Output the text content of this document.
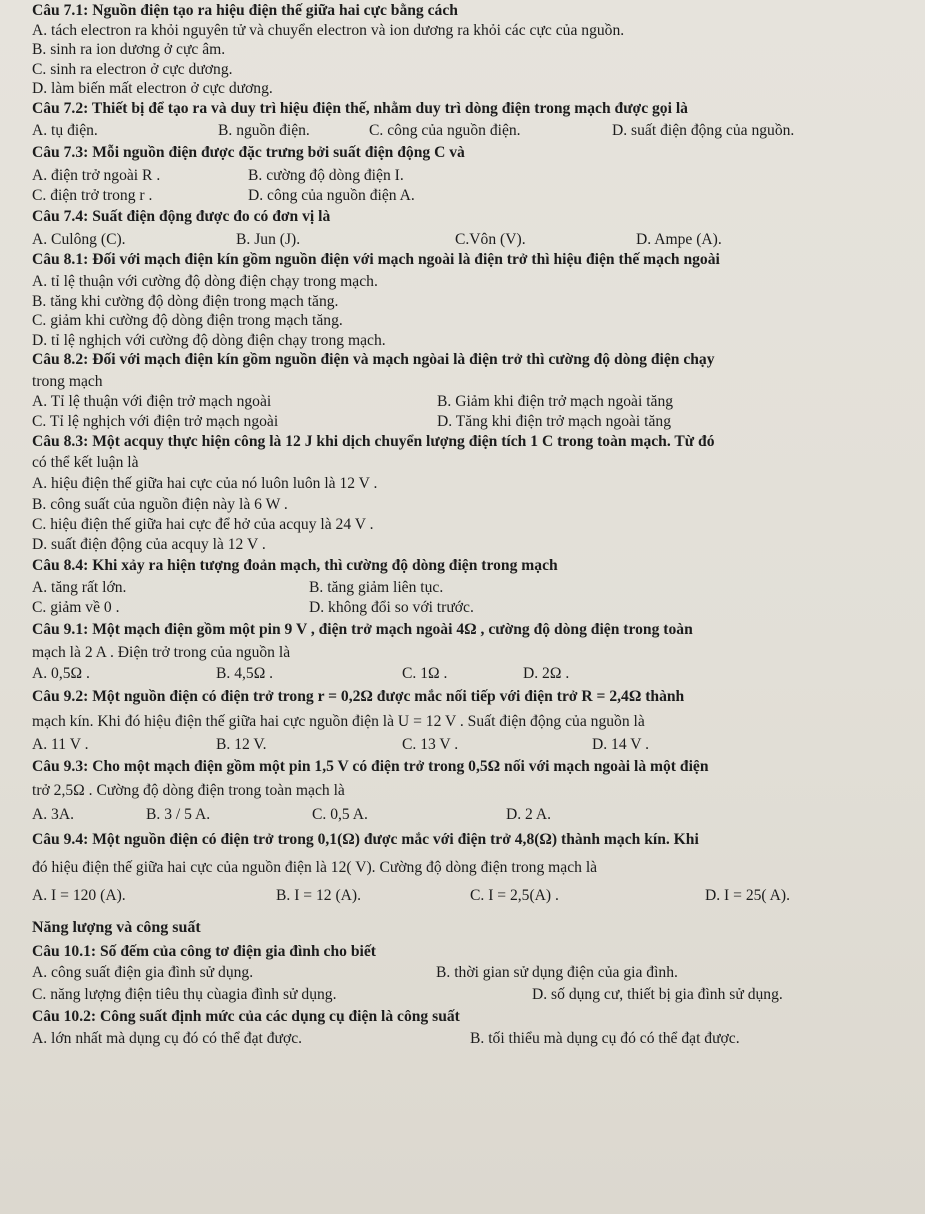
Câu 7.1: Nguồn điện tạo ra hiệu điện thế giữa hai cực bằng cách
A. tách electron ra khỏi nguyên tử và chuyển electron và ion dương ra khỏi các cực của nguồn.
B. sinh ra ion dương ở cực âm.
C. sinh ra electron ở cực dương.
D. làm biến mất electron ở cực dương.
Câu 7.2: Thiết bị để tạo ra và duy trì hiệu điện thế, nhằm duy trì dòng điện trong mạch được gọi là
A. tụ điện.	B. nguồn điện.	C. công của nguồn điện.	D. suất điện động của nguồn.
Câu 7.3: Mỗi nguồn điện được đặc trưng bởi suất điện động C và
A. điện trở ngoài R .	B. cường độ dòng điện I.
C. điện trở trong r .	D. công của nguồn điện A.
Câu 7.4: Suất điện động được đo có đơn vị là
A. Culông (C).	B. Jun (J).	C.Vôn (V).	D. Ampe (A).
Câu 8.1: Đối với mạch điện kín gồm nguồn điện với mạch ngoài là điện trở thì hiệu điện thế mạch ngoài
A. tỉ lệ thuận với cường độ dòng điện chạy trong mạch.
B. tăng khi cường độ dòng điện trong mạch tăng.
C. giảm khi cường độ dòng điện trong mạch tăng.
D. tỉ lệ nghịch với cường độ dòng điện chạy trong mạch.
Câu 8.2: Đối với mạch điện kín gồm nguồn điện và mạch ngòai là điện trở thì cường độ dòng điện chạy
trong mạch
A. Tỉ lệ thuận với điện trở mạch ngoài	B. Giảm khi điện trở mạch ngoài tăng
C. Tỉ lệ nghịch với điện trở mạch ngoài	D. Tăng khi điện trở mạch ngoài tăng
Câu 8.3: Một acquy thực hiện công là 12 J khi dịch chuyển lượng điện tích 1 C trong toàn mạch. Từ đó
có thể kết luận là
A. hiệu điện thế giữa hai cực của nó luôn luôn là 12 V .
B. công suất của nguồn điện này là 6 W .
C. hiệu điện thế giữa hai cực để hở của acquy là 24 V .
D. suất điện động của acquy là 12 V .
Câu 8.4: Khi xảy ra hiện tượng đoản mạch, thì cường độ dòng điện trong mạch
A. tăng rất lớn.	B. tăng giảm liên tục.
C. giảm về 0 .	D. không đổi so với trước.
Câu 9.1: Một mạch điện gồm một pin 9 V , điện trở mạch ngoài 4Ω , cường độ dòng điện trong toàn
mạch là 2 A . Điện trở trong của nguồn là
A. 0,5Ω .	B. 4,5Ω .	C. 1Ω .	D. 2Ω .
Câu 9.2: Một nguồn điện có điện trở trong r = 0,2Ω được mắc nối tiếp với điện trở R = 2,4Ω thành
mạch kín. Khi đó hiệu điện thế giữa hai cực nguồn điện là U = 12 V . Suất điện động của nguồn là
A. 11 V .	B. 12 V.	C. 13 V .	D. 14 V .
Câu 9.3: Cho một mạch điện gồm một pin 1,5 V có điện trở trong 0,5Ω nối với mạch ngoài là một điện
trở 2,5Ω . Cường độ dòng điện trong toàn mạch là
A. 3A.	B. 3 / 5 A.	C. 0,5 A.	D. 2 A.
Câu 9.4: Một nguồn điện có điện trở trong 0,1(Ω) được mắc với điện trở 4,8(Ω) thành mạch kín. Khi
đó hiệu điện thế giữa hai cực của nguồn điện là 12( V). Cường độ dòng điện trong mạch là
A. I = 120 (A).	B. I = 12 (A).	C. I = 2,5(A) .	D. I = 25( A).
Năng lượng và công suất
Câu 10.1: Số đếm của công tơ điện gia đình cho biết
A. công suất điện gia đình sử dụng.	B. thời gian sử dụng điện của gia đình.
C. năng lượng điện tiêu thụ cùagia đình sử dụng.	D. số dụng cư, thiết bị gia đình sử dụng.
Câu 10.2: Công suất định mức của các dụng cụ điện là công suất
A. lớn nhất mà dụng cụ đó có thể đạt được.	B. tối thiểu mà dụng cụ đó có thể đạt được.
